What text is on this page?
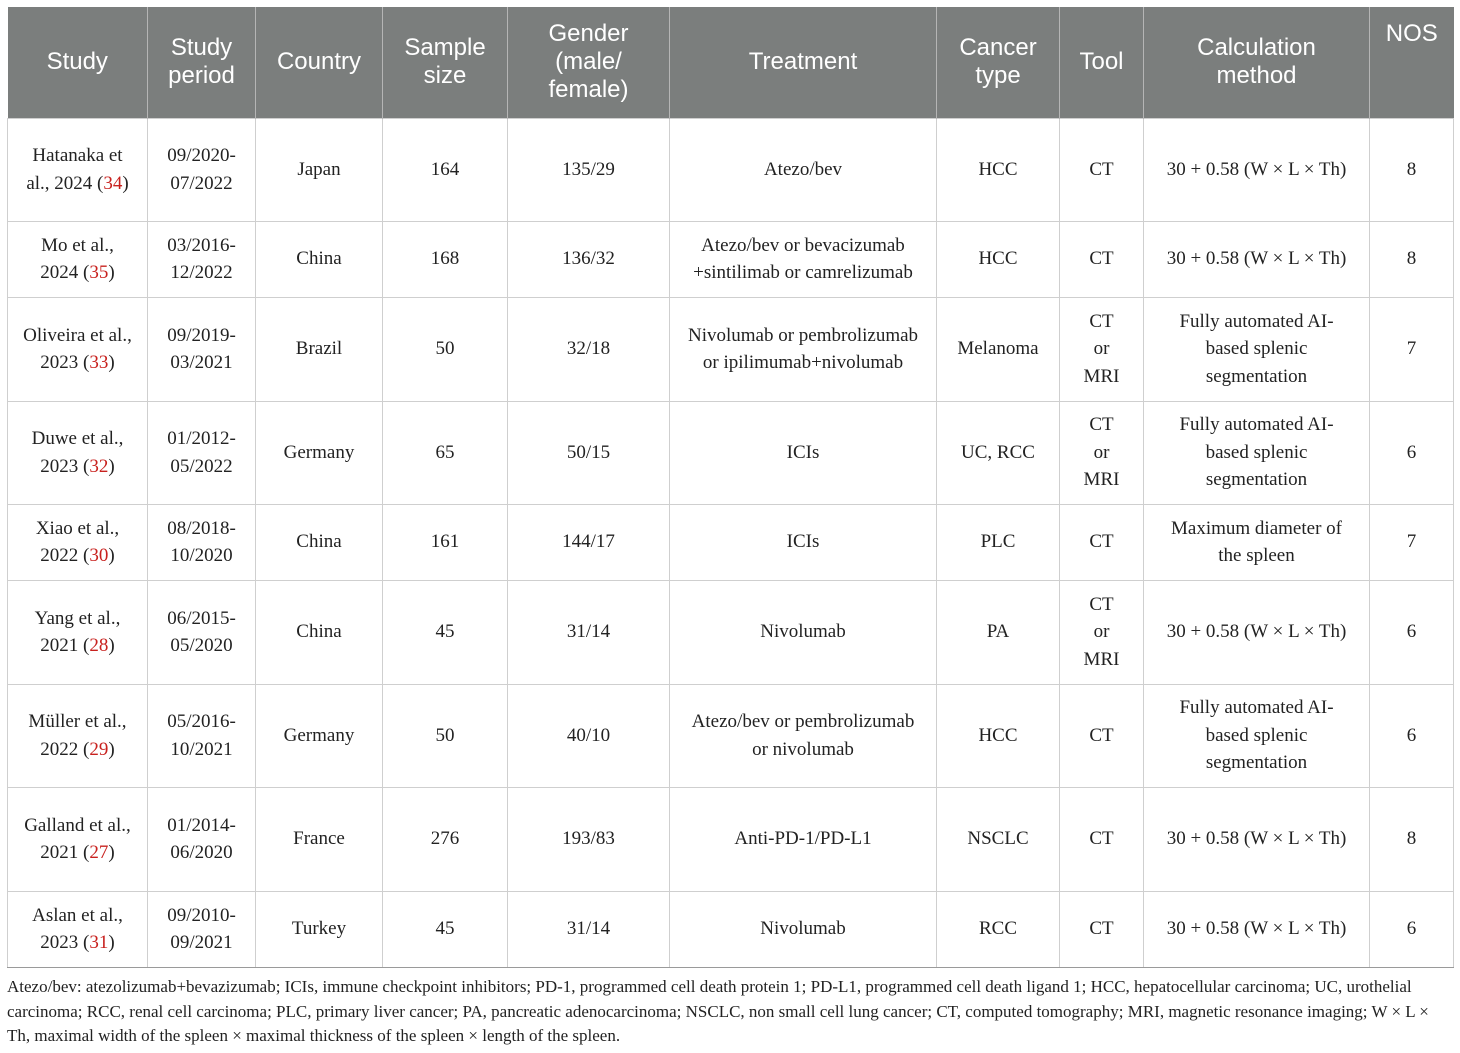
Study	Study period	Country	Sample size	Gender (male/ female)	Treatment	Cancer type	Tool	Calculation method	NOS
Hatanaka et al., 2024 (34)	09/2020-07/2022	Japan	164	135/29	Atezo/bev	HCC	CT	30 + 0.58 (W × L × Th)	8
Mo et al., 2024 (35)	03/2016-12/2022	China	168	136/32	Atezo/bev or bevacizumab +sintilimab or camrelizumab	HCC	CT	30 + 0.58 (W × L × Th)	8
Oliveira et al., 2023 (33)	09/2019-03/2021	Brazil	50	32/18	Nivolumab or pembrolizumab or ipilimumab+nivolumab	Melanoma	CT or MRI	Fully automated AI-based splenic segmentation	7
Duwe et al., 2023 (32)	01/2012-05/2022	Germany	65	50/15	ICIs	UC, RCC	CT or MRI	Fully automated AI-based splenic segmentation	6
Xiao et al., 2022 (30)	08/2018-10/2020	China	161	144/17	ICIs	PLC	CT	Maximum diameter of the spleen	7
Yang et al., 2021 (28)	06/2015-05/2020	China	45	31/14	Nivolumab	PA	CT or MRI	30 + 0.58 (W × L × Th)	6
Müller et al., 2022 (29)	05/2016-10/2021	Germany	50	40/10	Atezo/bev or pembrolizumab or nivolumab	HCC	CT	Fully automated AI-based splenic segmentation	6
Galland et al., 2021 (27)	01/2014-06/2020	France	276	193/83	Anti-PD-1/PD-L1	NSCLC	CT	30 + 0.58 (W × L × Th)	8
Aslan et al., 2023 (31)	09/2010-09/2021	Turkey	45	31/14	Nivolumab	RCC	CT	30 + 0.58 (W × L × Th)	6
Atezo/bev: atezolizumab+bevazizumab; ICIs, immune checkpoint inhibitors; PD-1, programmed cell death protein 1; PD-L1, programmed cell death ligand 1; HCC, hepatocellular carcinoma; UC, urothelial carcinoma; RCC, renal cell carcinoma; PLC, primary liver cancer; PA, pancreatic adenocarcinoma; NSCLC, non small cell lung cancer; CT, computed tomography; MRI, magnetic resonance imaging; W × L × Th, maximal width of the spleen × maximal thickness of the spleen × length of the spleen.
